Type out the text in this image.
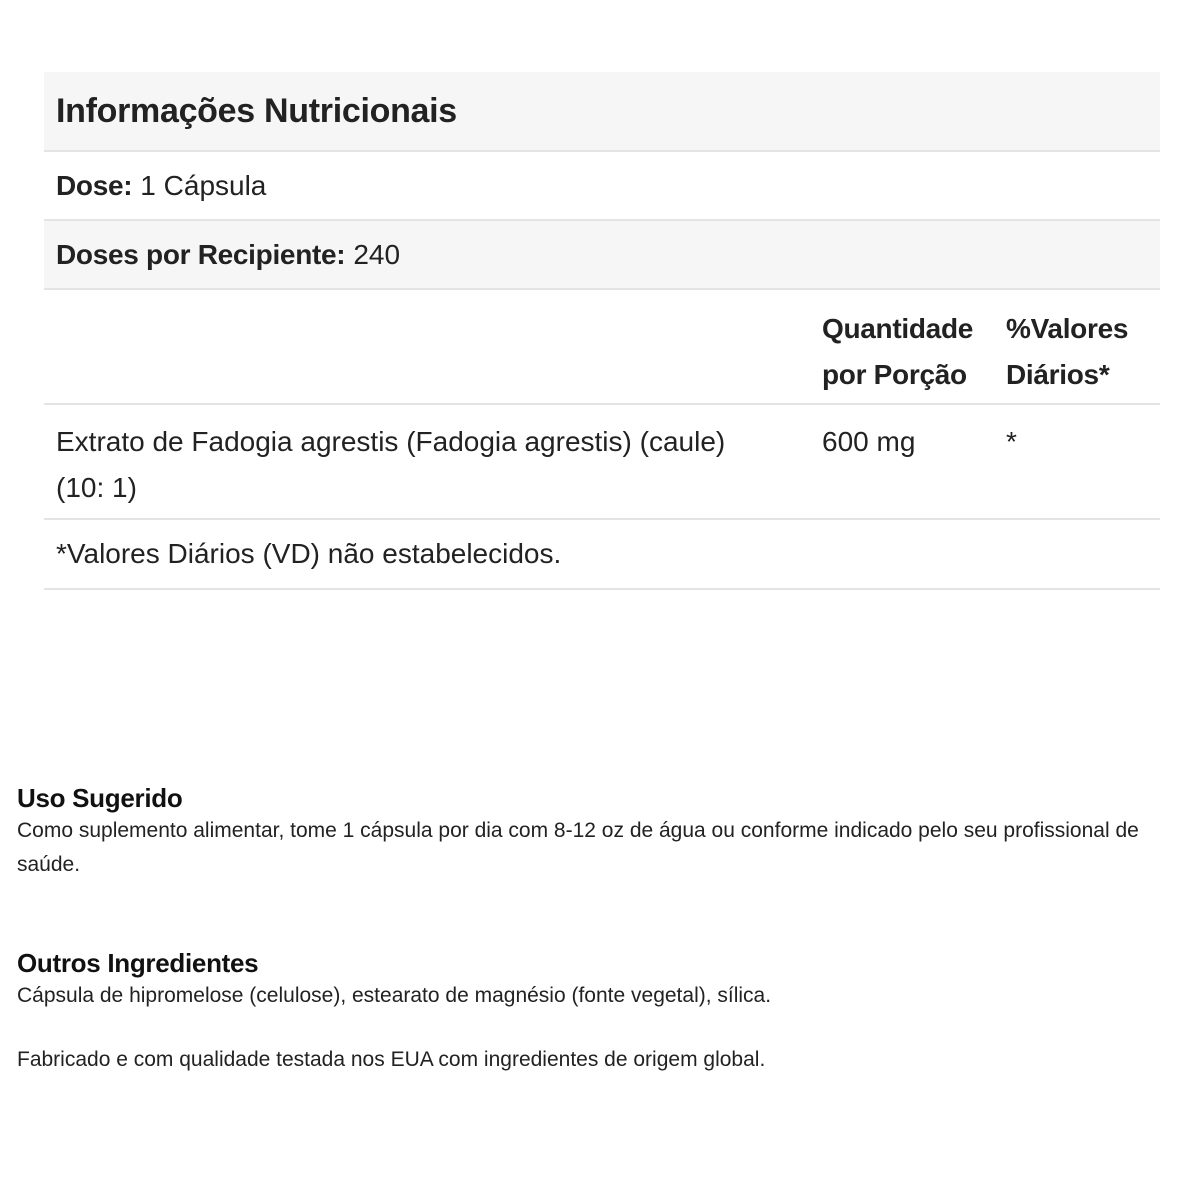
Informações Nutricionais
Dose: 1 Cápsula
Doses por Recipiente: 240
Quantidade por Porção
%Valores Diários*
Extrato de Fadogia agrestis (Fadogia agrestis) (caule) (10: 1)
600 mg	*
*Valores Diários (VD) não estabelecidos.
Uso Sugerido

Como suplemento alimentar, tome 1 cápsula por dia com 8-12 oz de água ou conforme indicado pelo seu profissional de saúde.

Outros Ingredientes

Cápsula de hipromelose (celulose), estearato de magnésio (fonte vegetal), sílica.

Fabricado e com qualidade testada nos EUA com ingredientes de origem global.
